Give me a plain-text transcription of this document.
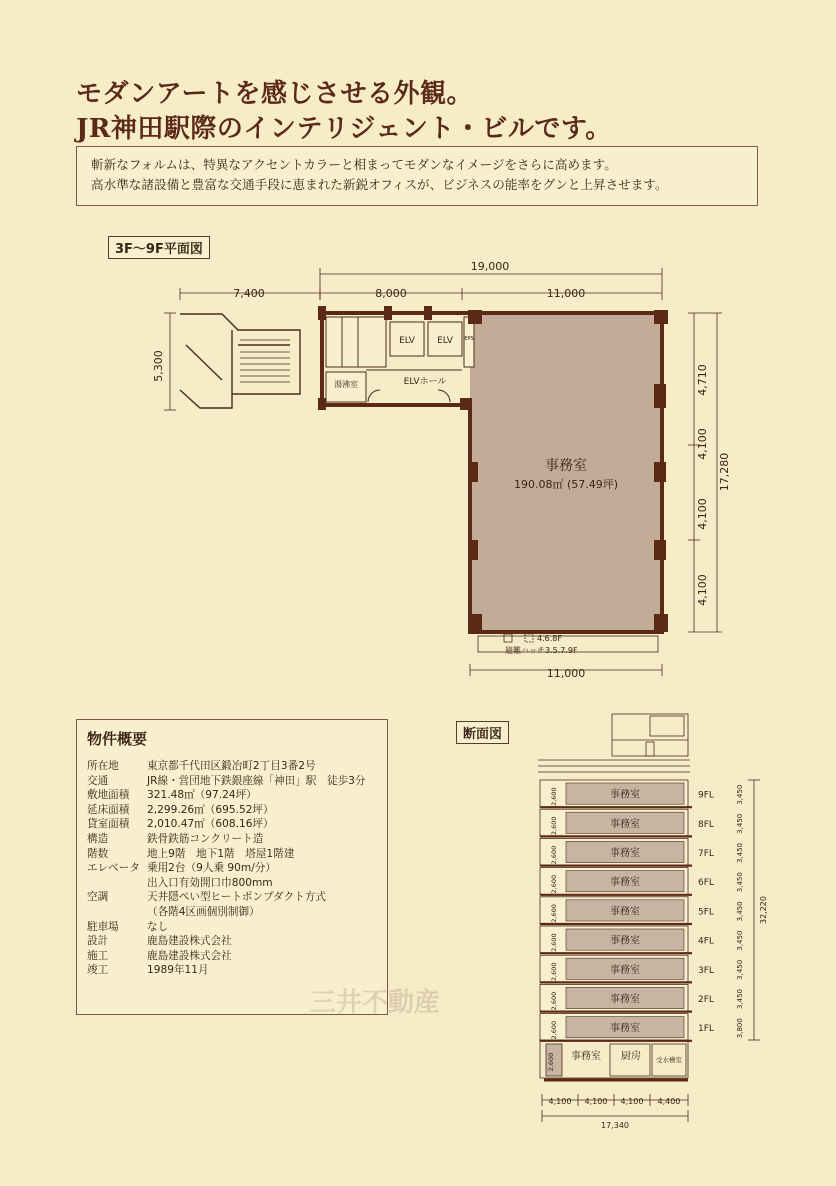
モダンアートを感じさせる外観。
JR神田駅際のインテリジェント・ビルです。
斬新なフォルムは、特異なアクセントカラーと相まってモダンなイメージをさらに高めます。
高水準な諸設備と豊富な交通手段に恵まれた新鋭オフィスが、ビジネスの能率をグンと上昇させます。
3F〜9F平面図
19,000
7,400	8,000	11,000
11,000
5,300	4,710
4,100
4,100
4,100
17,280
事務室
190.08㎡ (57.49坪)
ELV ELV
ELVホール
湯沸室
EPS
4.6.8F
避難ハッチ3.5.7.9F
物件概要
所在地	東京都千代田区鍛冶町2丁目3番2号
交通	JR線・営団地下鉄銀座線「神田」駅　徒歩3分
敷地面積	321.48㎡（97.24坪）
延床面積	2,299.26㎡（695.52坪）
貸室面積	2,010.47㎡（608.16坪）
構造	鉄骨鉄筋コンクリート造
階数	地上9階　地下1階　塔屋1階建
エレベータ 乗用2台（9人乗 90m/分）
出入口有効開口巾800mm
空調	天井隠ぺい型ヒートポンプダクト方式
（各階4区画個別制御）
駐車場	なし
設計	鹿島建設株式会社
施工	鹿島建設株式会社
竣工	1989年11月
断面図
2,600	事務室	9FL	3,450
2,600	事務室	8FL	3,450
2,600	事務室	7FL	3,450
2,600	事務室	6FL	3,450
2,600	事務室	5FL	3,450
2,600	事務室	4FL	3,450
2,600	事務室	3FL	3,450
2,600	事務室	2FL	3,450
2,600	事務室	1FL	3,800
2,600 事務室 厨房 受水槽室
4,100 4,100 4,100 4,400
17,340
32,220
三井不動産
